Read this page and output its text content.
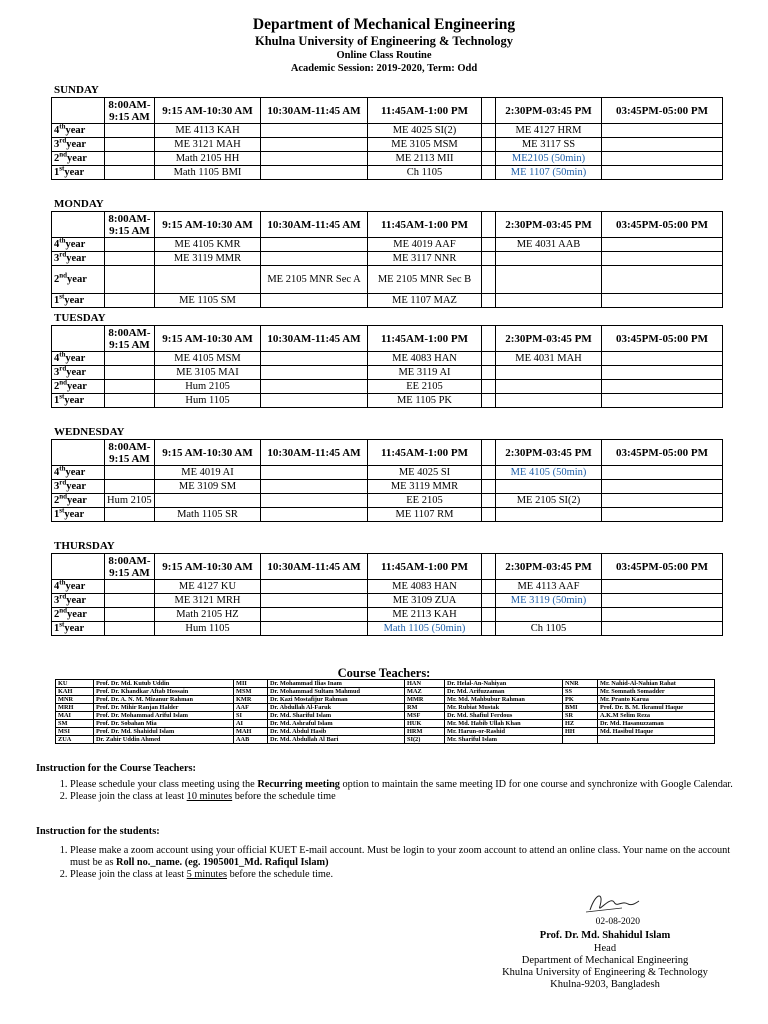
Department of Mechanical Engineering
Khulna University of Engineering & Technology
Online Class Routine
Academic Session: 2019-2020, Term: Odd
SUNDAY
	8:00AM-9:15 AM	9:15 AM-10:30 AM	10:30AM-11:45 AM	11:45AM-1:00 PM		2:30PM-03:45 PM	03:45PM-05:00 PM
4thyear		ME 4113 KAH		ME 4025 SI(2)		ME 4127 HRM	
3rdyear		ME 3121 MAH		ME 3105 MSM		ME 3117 SS	
2ndyear		Math 2105 HH		ME 2113 MII		ME2105 (50min)	
1styear		Math 1105 BMI		Ch 1105		ME 1107 (50min)	
MONDAY
	8:00AM-9:15 AM	9:15 AM-10:30 AM	10:30AM-11:45 AM	11:45AM-1:00 PM		2:30PM-03:45 PM	03:45PM-05:00 PM
4thyear		ME 4105 KMR		ME 4019 AAF		ME 4031 AAB	
3rdyear		ME 3119 MMR		ME 3117 NNR			
2ndyear			ME 2105 MNR Sec A	ME 2105 MNR Sec B			
1styear		ME 1105 SM		ME 1107 MAZ			
TUESDAY
	8:00AM-9:15 AM	9:15 AM-10:30 AM	10:30AM-11:45 AM	11:45AM-1:00 PM		2:30PM-03:45 PM	03:45PM-05:00 PM
4thyear		ME 4105 MSM		ME 4083 HAN		ME 4031 MAH	
3rdyear		ME 3105 MAI		ME 3119 AI			
2ndyear		Hum 2105		EE 2105			
1styear		Hum 1105		ME 1105 PK			
WEDNESDAY
	8:00AM-9:15 AM	9:15 AM-10:30 AM	10:30AM-11:45 AM	11:45AM-1:00 PM		2:30PM-03:45 PM	03:45PM-05:00 PM
4thyear		ME 4019 AI		ME 4025 SI		ME 4105 (50min)	
3rdyear		ME 3109 SM		ME 3119 MMR			
2ndyear	Hum 2105			EE 2105		ME 2105 SI(2)	
1styear		Math 1105 SR		ME 1107 RM			
THURSDAY
	8:00AM-9:15 AM	9:15 AM-10:30 AM	10:30AM-11:45 AM	11:45AM-1:00 PM		2:30PM-03:45 PM	03:45PM-05:00 PM
4thyear		ME 4127 KU		ME 4083 HAN		ME 4113 AAF	
3rdyear		ME 3121 MRH		ME 3109 ZUA		ME 3119 (50min)	
2ndyear		Math 2105 HZ		ME 2113 KAH			
1styear		Hum 1105		Math 1105 (50min)		Ch 1105	
Course Teachers:
KU	Prof. Dr. Md. Kutub Uddin	MII	Dr. Mohammad Ilias Inam	HAN	Dr. Helal-An-Nahiyan	NNR	Mr. Nahid-Al-Nahian Rahat
KAH	Prof. Dr. Khandkar Aftab Hossain	MSM	Dr. Mohammad Sultam Mahmud	MAZ	Dr. Md. Arifuzzaman	SS	Mr. Somnath Somadder
MNR	Prof. Dr. A. N. M. Mizanur Rahman	KMR	Dr. Kazi Mostafijur Rahman	MMR	Mr. Md. Mahbubur Rahman	PK	Mr. Pranto Karua
MRH	Prof. Dr. Mihir Ranjan Halder	AAF	Dr. Abdullah Al-Faruk	RM	Mr. Rubiat Mustak	BMI	Prof. Dr. B. M. Ikramul Haque
MAI	Prof. Dr. Mohammad Ariful Islam	SI	Dr. Md. Shariful Islam	MSF	Dr. Md. Shafiul Ferdous	SR	A.K.M Selim Reza
SM	Prof. Dr. Sobahan Mia	AI	Dr. Md. Ashraful Islam	HUK	Mr. Md. Habib Ullah Khan	HZ	Dr. Md. Hasanuzzaman
MSI	Prof. Dr. Md. Shahidul Islam	MAH	Dr. Md. Abdul Hasib	HRM	Mr. Harun-or-Rashid	HH	Md. Hasibul Haque
ZUA	Dr. Zahir Uddin Ahmed	AAB	Dr. Md. Abdullah Al Bari	SI(2)	Mr. Shariful Islam		
Instruction for the Course Teachers:
1. Please schedule your class meeting using the Recurring meeting option to maintain the same meeting ID for one course and synchronize with Google Calendar.
2. Please join the class at least 10 minutes before the schedule time
Instruction for the students:
1. Please make a zoom account using your official KUET E-mail account. Must be login to your zoom account to attend an online class. Your name on the account must be as Roll no._name. (eg. 1905001_Md. Rafiqul Islam)
2. Please join the class at least 5 minutes before the schedule time.
02-08-2020
Prof. Dr. Md. Shahidul Islam
Head
Department of Mechanical Engineering
Khulna University of Engineering & Technology
Khulna-9203, Bangladesh
